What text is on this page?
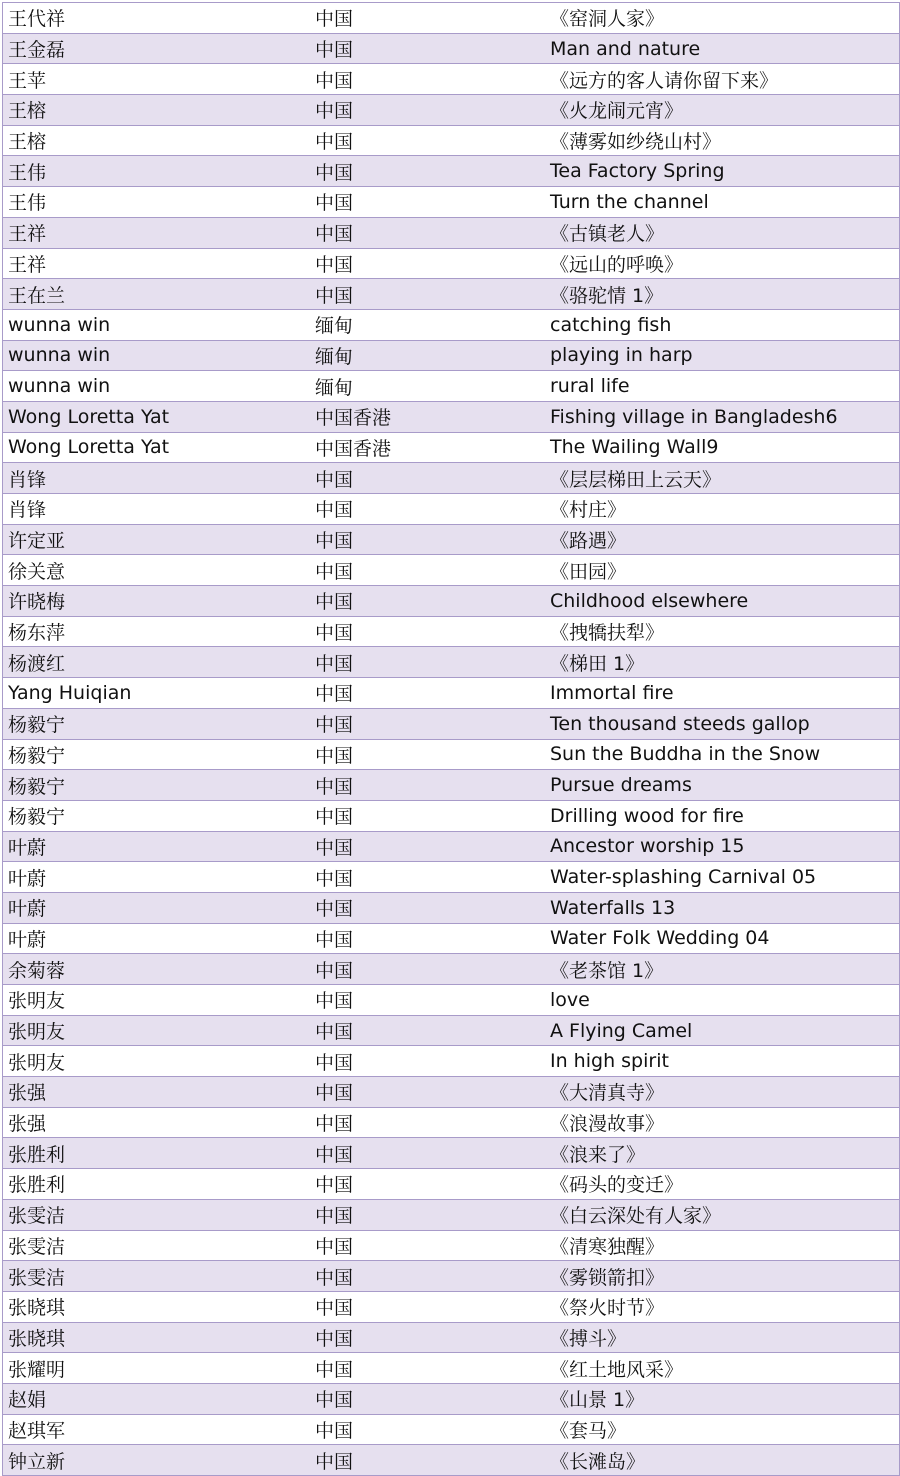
王代祥	中国	《窑洞人家》
王金磊	中国	Man and nature
王苹	中国	《远方的客人请你留下来》
王榕	中国	《火龙闹元宵》
王榕	中国	《薄雾如纱绕山村》
王伟	中国	Tea Factory Spring
王伟	中国	Turn the channel
王祥	中国	《古镇老人》
王祥	中国	《远山的呼唤》
王在兰	中国	《骆驼情 1》
wunna win	缅甸	catching fish
wunna win	缅甸	playing in harp
wunna win	缅甸	rural life
Wong Loretta Yat	中国香港	Fishing village in Bangladesh6
Wong Loretta Yat	中国香港	The Wailing Wall9
肖锋	中国	《层层梯田上云天》
肖锋	中国	《村庄》
许定亚	中国	《路遇》
徐关意	中国	《田园》
许晓梅	中国	Childhood elsewhere
杨东萍	中国	《拽犞扶犁》
杨渡红	中国	《梯田 1》
Yang Huiqian	中国	Immortal fire
杨毅宁	中国	Ten thousand steeds gallop
杨毅宁	中国	Sun the Buddha in the Snow
杨毅宁	中国	Pursue dreams
杨毅宁	中国	Drilling wood for fire
叶蔚	中国	Ancestor worship 15
叶蔚	中国	Water-splashing Carnival 05
叶蔚	中国	Waterfalls 13
叶蔚	中国	Water Folk Wedding 04
余菊蓉	中国	《老茶馆 1》
张明友	中国	love
张明友	中国	A Flying Camel
张明友	中国	In high spirit
张强	中国	《大清真寺》
张强	中国	《浪漫故事》
张胜利	中国	《浪来了》
张胜利	中国	《码头的变迁》
张雯洁	中国	《白云深处有人家》
张雯洁	中国	《清寒独醒》
张雯洁	中国	《雾锁箭扣》
张晓琪	中国	《祭火时节》
张晓琪	中国	《搏斗》
张耀明	中国	《红土地风采》
赵娟	中国	《山景 1》
赵琪军	中国	《套马》
钟立新	中国	《长滩岛》
